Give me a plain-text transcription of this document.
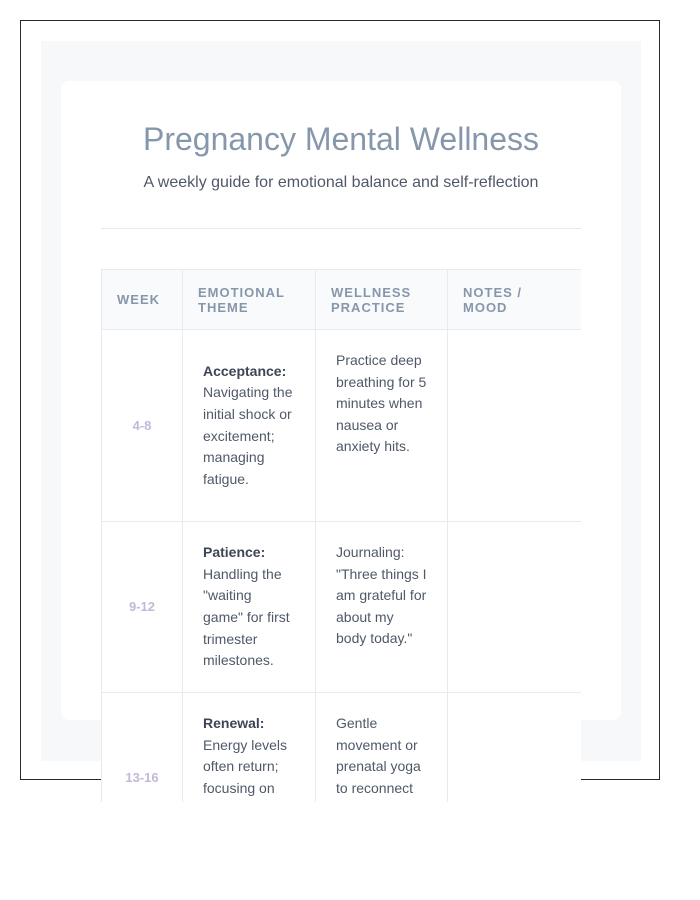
Pregnancy Mental Wellness

A weekly guide for emotional balance and self-reflection

WEEK	EMOTIONAL THEME	WELLNESS PRACTICE	NOTES / MOOD
4-8	Acceptance: Navigating the initial shock or excitement; managing fatigue.	Practice deep breathing for 5 minutes when nausea or anxiety hits.	
9-12	Patience: Handling the "waiting game" for first trimester milestones.	Journaling: "Three things I am grateful for about my body today."	
13-16	Renewal: Energy levels often return; focusing on	Gentle movement or prenatal yoga to reconnect	
